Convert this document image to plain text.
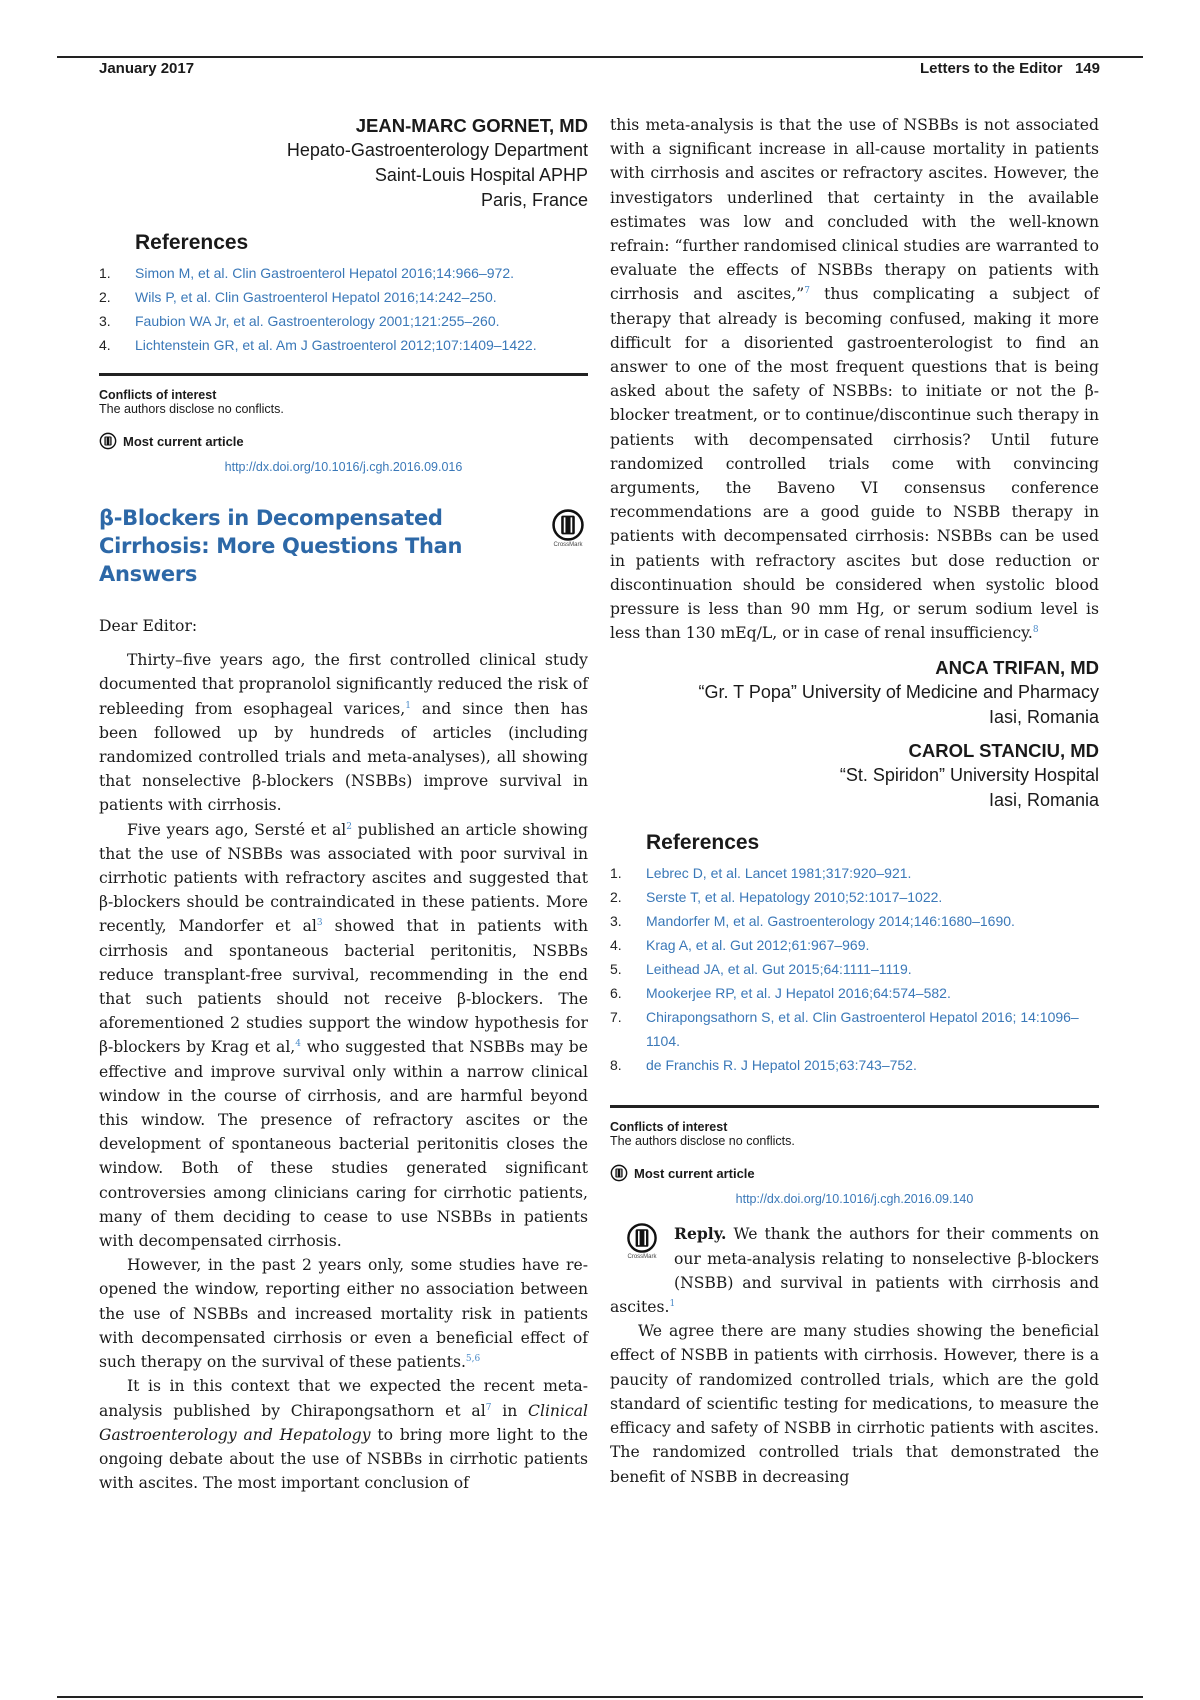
January 2017	Letters to the Editor   149
JEAN-MARC GORNET, MD
Hepato-Gastroenterology Department
Saint-Louis Hospital APHP
Paris, France
References
1. Simon M, et al. Clin Gastroenterol Hepatol 2016;14:966–972.
2. Wils P, et al. Clin Gastroenterol Hepatol 2016;14:242–250.
3. Faubion WA Jr, et al. Gastroenterology 2001;121:255–260.
4. Lichtenstein GR, et al. Am J Gastroenterol 2012;107:1409–1422.
Conflicts of interest
The authors disclose no conflicts.
Most current article
http://dx.doi.org/10.1016/j.cgh.2016.09.016
β-Blockers in Decompensated Cirrhosis: More Questions Than Answers
CrossMark
Dear Editor:

Thirty–five years ago, the first controlled clinical study documented that propranolol significantly reduced the risk of rebleeding from esophageal varices,$^1$ and since then has been followed up by hundreds of articles (including randomized controlled trials and meta-analyses), all showing that nonselective β-blockers (NSBBs) improve survival in patients with cirrhosis.

Five years ago, Sersté et $al^2$ published an article showing that the use of NSBBs was associated with poor survival in cirrhotic patients with refractory ascites and suggested that β-blockers should be contraindicated in these patients. More recently, Mandorfer et $al^3$ showed that in patients with cirrhosis and spontaneous bacterial peritonitis, NSBBs reduce transplant-free survival, recommending in the end that such patients should not receive β-blockers. The aforementioned 2 studies support the window hypothesis for β-blockers by Krag et al,$^4$ who suggested that NSBBs may be effective and improve survival only within a narrow clinical window in the course of cirrhosis, and are harmful beyond this window. The presence of refractory ascites or the development of spontaneous bacterial peritonitis closes the window. Both of these studies generated significant controversies among clinicians caring for cirrhotic patients, many of them deciding to cease to use NSBBs in patients with decompensated cirrhosis.

However, in the past 2 years only, some studies have re-opened the window, reporting either no association between the use of NSBBs and increased mortality risk in patients with decompensated cirrhosis or even a beneficial effect of such therapy on the survival of these patients.$^{5,6}$

It is in this context that we expected the recent meta-analysis published by Chirapongsathorn et $al^7$ in Clinical Gastroenterology and Hepatology to bring more light to the ongoing debate about the use of NSBBs in cirrhotic patients with ascites. The most important conclusion of

this meta-analysis is that the use of NSBBs is not associated with a significant increase in all-cause mortality in patients with cirrhosis and ascites or refractory ascites. However, the investigators underlined that certainty in the available estimates was low and concluded with the well-known refrain: “further randomised clinical studies are warranted to evaluate the effects of NSBBs therapy on patients with cirrhosis and ascites,”$^7$ thus complicating a subject of therapy that already is becoming confused, making it more difficult for a disoriented gastroenterologist to find an answer to one of the most frequent questions that is being asked about the safety of NSBBs: to initiate or not the β-blocker treatment, or to continue/discontinue such therapy in patients with decompensated cirrhosis? Until future randomized controlled trials come with convincing arguments, the Baveno VI consensus conference recommendations are a good guide to NSBB therapy in patients with decompensated cirrhosis: NSBBs can be used in patients with refractory ascites but dose reduction or discontinuation should be considered when systolic blood pressure is less than 90 mm Hg, or serum sodium level is less than 130 mEq/L, or in case of renal insufficiency.$^8$

ANCA TRIFAN, MD
“Gr. T Popa” University of Medicine and Pharmacy
Iasi, Romania
CAROL STANCIU, MD
“St. Spiridon” University Hospital
Iasi, Romania
References
1. Lebrec D, et al. Lancet 1981;317:920–921.
2. Serste T, et al. Hepatology 2010;52:1017–1022.
3. Mandorfer M, et al. Gastroenterology 2014;146:1680–1690.
4. Krag A, et al. Gut 2012;61:967–969.
5. Leithead JA, et al. Gut 2015;64:1111–1119.
6. Mookerjee RP, et al. J Hepatol 2016;64:574–582.
7. Chirapongsathorn S, et al. Clin Gastroenterol Hepatol 2016; 14:1096–1104.
8. de Franchis R. J Hepatol 2015;63:743–752.
Conflicts of interest
The authors disclose no conflicts.
Most current article
http://dx.doi.org/10.1016/j.cgh.2016.09.140
CrossMark

Reply. We thank the authors for their comments on our meta-analysis relating to nonselective β-blockers (NSBB) and survival in patients with cirrhosis and ascites.$^1$

We agree there are many studies showing the beneficial effect of NSBB in patients with cirrhosis. However, there is a paucity of randomized controlled trials, which are the gold standard of scientific testing for medications, to measure the efficacy and safety of NSBB in cirrhotic patients with ascites. The randomized controlled trials that demonstrated the benefit of NSBB in decreasing
